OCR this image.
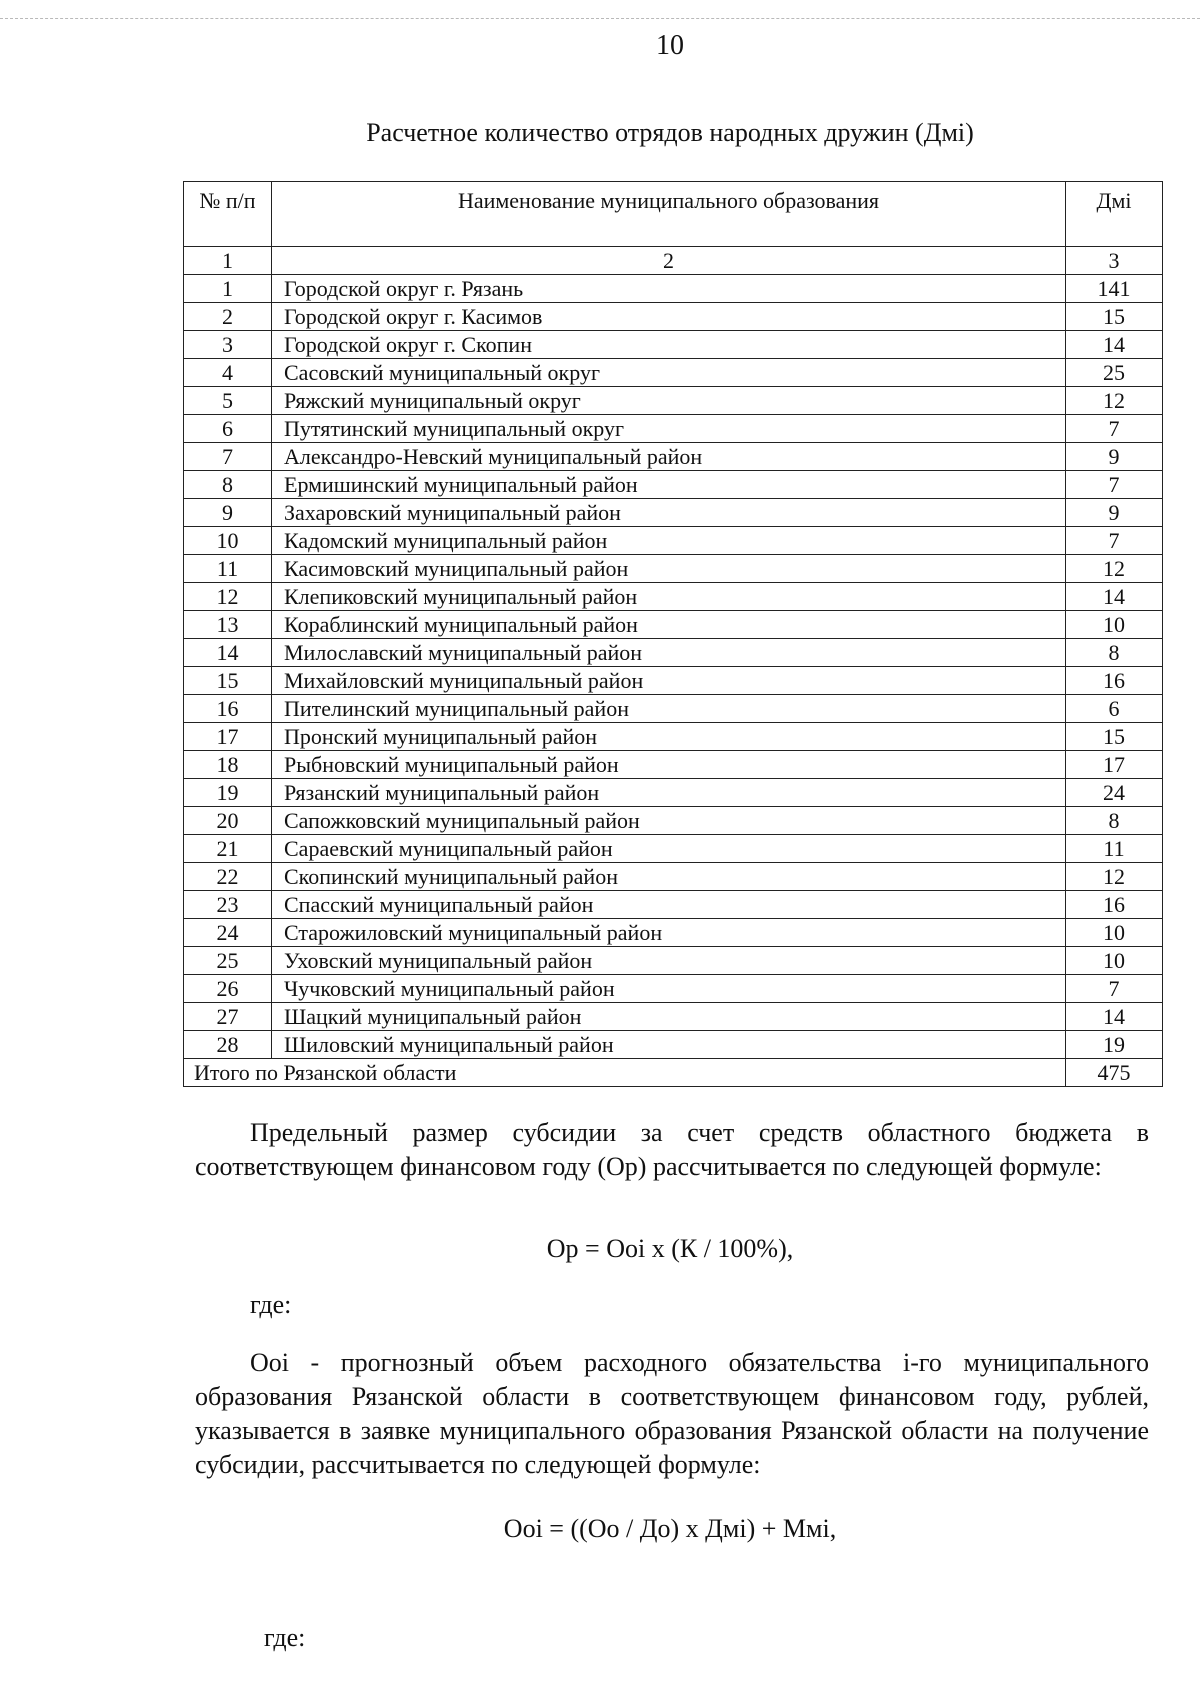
10
Расчетное количество отрядов народных дружин (Дмi)
№ п/п	Наименование муниципального образования	Дмi
1	2	3
1	Городской округ г. Рязань	141
2	Городской округ г. Касимов	15
3	Городской округ г. Скопин	14
4	Сасовский муниципальный округ	25
5	Ряжский муниципальный округ	12
6	Путятинский муниципальный округ	7
7	Александро-Невский муниципальный район	9
8	Ермишинский муниципальный район	7
9	Захаровский муниципальный район	9
10	Кадомский муниципальный район	7
11	Касимовский муниципальный район	12
12	Клепиковский муниципальный район	14
13	Кораблинский муниципальный район	10
14	Милославский муниципальный район	8
15	Михайловский муниципальный район	16
16	Пителинский муниципальный район	6
17	Пронский муниципальный район	15
18	Рыбновский муниципальный район	17
19	Рязанский муниципальный район	24
20	Сапожковский муниципальный район	8
21	Сараевский муниципальный район	11
22	Скопинский муниципальный район	12
23	Спасский муниципальный район	16
24	Старожиловский муниципальный район	10
25	Уховский муниципальный район	10
26	Чучковский муниципальный район	7
27	Шацкий муниципальный район	14
28	Шиловский муниципальный район	19
Итого по Рязанской области		475
Предельный размер субсидии за счет средств областного бюджета в соответствующем финансовом году (Ор) рассчитывается по следующей формуле:
Ор = Ооi х (К / 100%),
где:
Ооi - прогнозный объем расходного обязательства i-го муниципального образования Рязанской области в соответствующем финансовом году, рублей, указывается в заявке муниципального образования Рязанской области на получение субсидии, рассчитывается по следующей формуле:
Ооi = ((Оо / До) х Дмi) + Ммi,
где:
